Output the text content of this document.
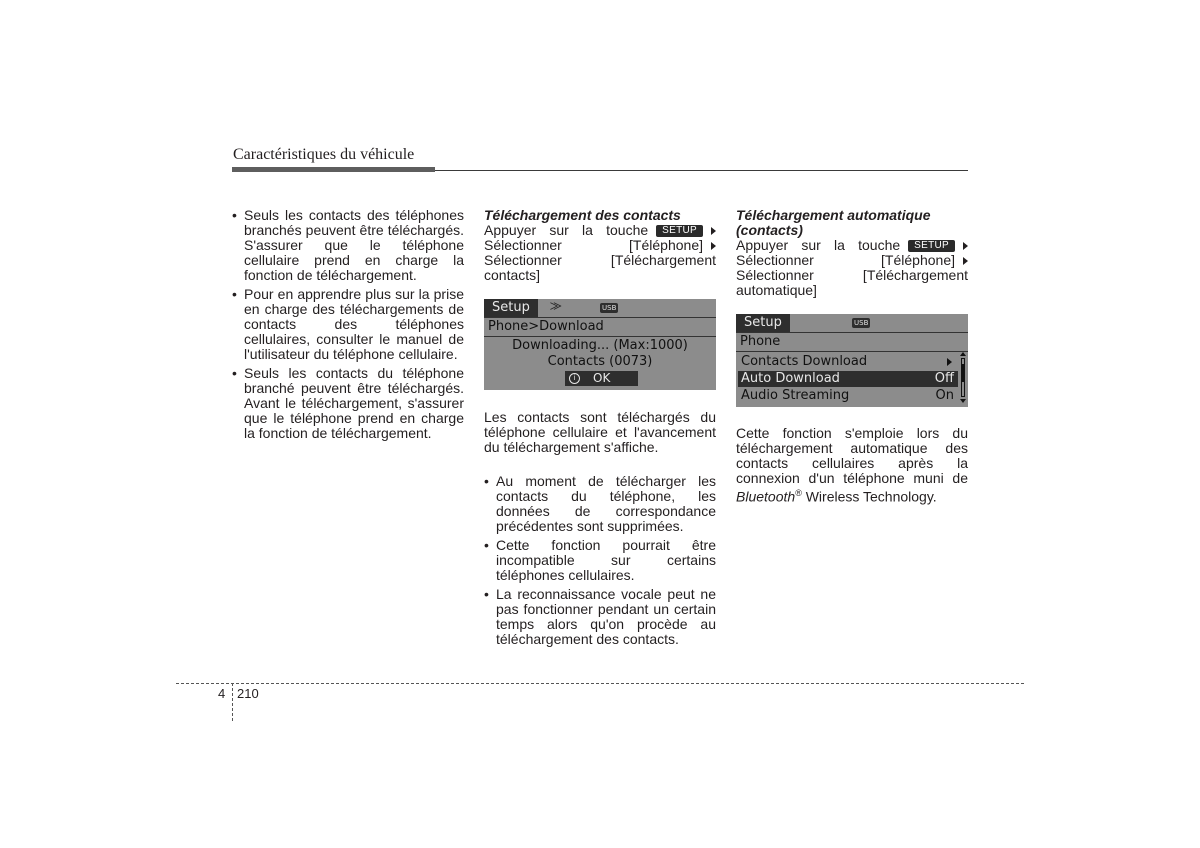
Caractéristiques du véhicule
• Seuls les contacts des téléphones branchés peuvent être téléchargés. S'assurer que le téléphone cellulaire prend en charge la fonction de téléchargement.
• Pour en apprendre plus sur la prise en charge des téléchargements de contacts des téléphones cellulaires, consulter le manuel de l'utilisateur du téléphone cellulaire.
• Seuls les contacts du téléphone branché peuvent être téléchargés. Avant le téléchargement, s'assurer que le téléphone prend en charge la fonction de téléchargement.
Téléchargement des contacts
Appuyer sur la touche	SETUP
Sélectionner [Téléphone]
Sélectionner [Téléchargement
contacts]
Setup	⨠	USB
Phone>Download
Downloading... (Max:1000)
Contacts (0073)
i	OK

Les contacts sont téléchargés du téléphone cellulaire et l'avancement du téléchargement s'affiche.

• Au moment de télécharger les contacts du téléphone, les données de correspondance précédentes sont supprimées.
• Cette fonction pourrait être incompatible sur certains téléphones cellulaires.
• La reconnaissance vocale peut ne pas fonctionner pendant un certain temps alors qu'on procède au téléchargement des contacts.
Téléchargement automatique
(contacts)
Appuyer sur la touche	SETUP
Sélectionner [Téléphone]
Sélectionner [Téléchargement
automatique]
Setup	USB
Phone
Contacts Download
Auto Download	Off
Audio Streaming	On

Cette fonction s'emploie lors du téléchargement automatique des contacts cellulaires après la connexion d'un téléphone muni de Bluetooth® Wireless Technology.

4 210
